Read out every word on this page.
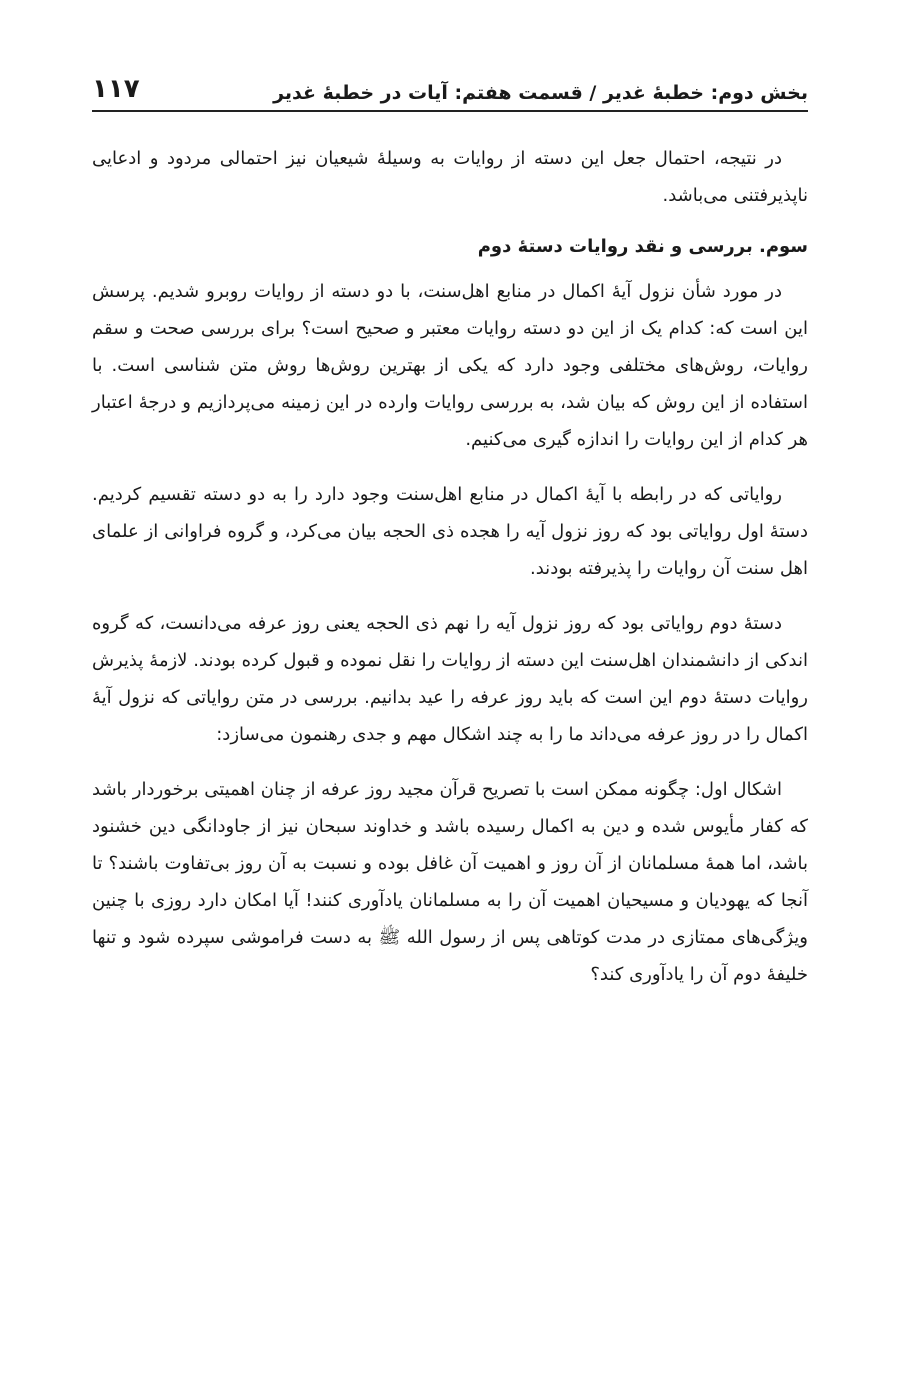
بخش دوم: خطبهٔ غدیر / قسمت هفتم: آیات در خطبهٔ غدیر
۱۱۷

در نتیجه، احتمال جعل این دسته از روایات به وسیلهٔ شیعیان نیز احتمالی مردود و ادعایی ناپذیرفتنی می‌باشد.

سوم. بررسی و نقد روایات دستهٔ دوم

در مورد شأن نزول آیهٔ اکمال در منابع اهل‌سنت، با دو دسته از روایات روبرو شدیم. پرسش این است که: کدام یک از این دو دسته روایات معتبر و صحیح است؟ برای بررسی صحت و سقم روایات، روش‌های مختلفی وجود دارد که یکی از بهترین روش‌ها روش متن شناسی است. با استفاده از این روش که بیان شد، به بررسی روایات وارده در این زمینه می‌پردازیم و درجهٔ اعتبار هر کدام از این روایات را اندازه گیری می‌کنیم.

روایاتی که در رابطه با آیهٔ اکمال در منابع اهل‌سنت وجود دارد را به دو دسته تقسیم کردیم. دستهٔ اول روایاتی بود که روز نزول آیه را هجده ذی الحجه بیان می‌کرد، و گروه فراوانی از علمای اهل سنت آن روایات را پذیرفته بودند.

دستهٔ دوم روایاتی بود که روز نزول آیه را نهم ذی الحجه یعنی روز عرفه می‌دانست، که گروه اندکی از دانشمندان اهل‌سنت این دسته از روایات را نقل نموده و قبول کرده بودند. لازمهٔ پذیرش روایات دستهٔ دوم این است که باید روز عرفه را عید بدانیم. بررسی در متن روایاتی که نزول آیهٔ اکمال را در روز عرفه می‌داند ما را به چند اشکال مهم و جدی رهنمون می‌سازد:

اشکال اول: چگونه ممکن است با تصریح قرآن مجید روز عرفه از چنان اهمیتی برخوردار باشد که کفار مأیوس شده و دین به اکمال رسیده باشد و خداوند سبحان نیز از جاودانگی دین خشنود باشد، اما همهٔ مسلمانان از آن روز و اهمیت آن غافل بوده و نسبت به آن روز بی‌تفاوت باشند؟ تا آنجا که یهودیان و مسیحیان اهمیت آن را به مسلمانان یادآوری کنند! آیا امکان دارد روزی با چنین ویژگی‌های ممتازی در مدت کوتاهی پس از رسول الله ﷺ به دست فراموشی سپرده شود و تنها خلیفهٔ دوم آن را یادآوری کند؟
